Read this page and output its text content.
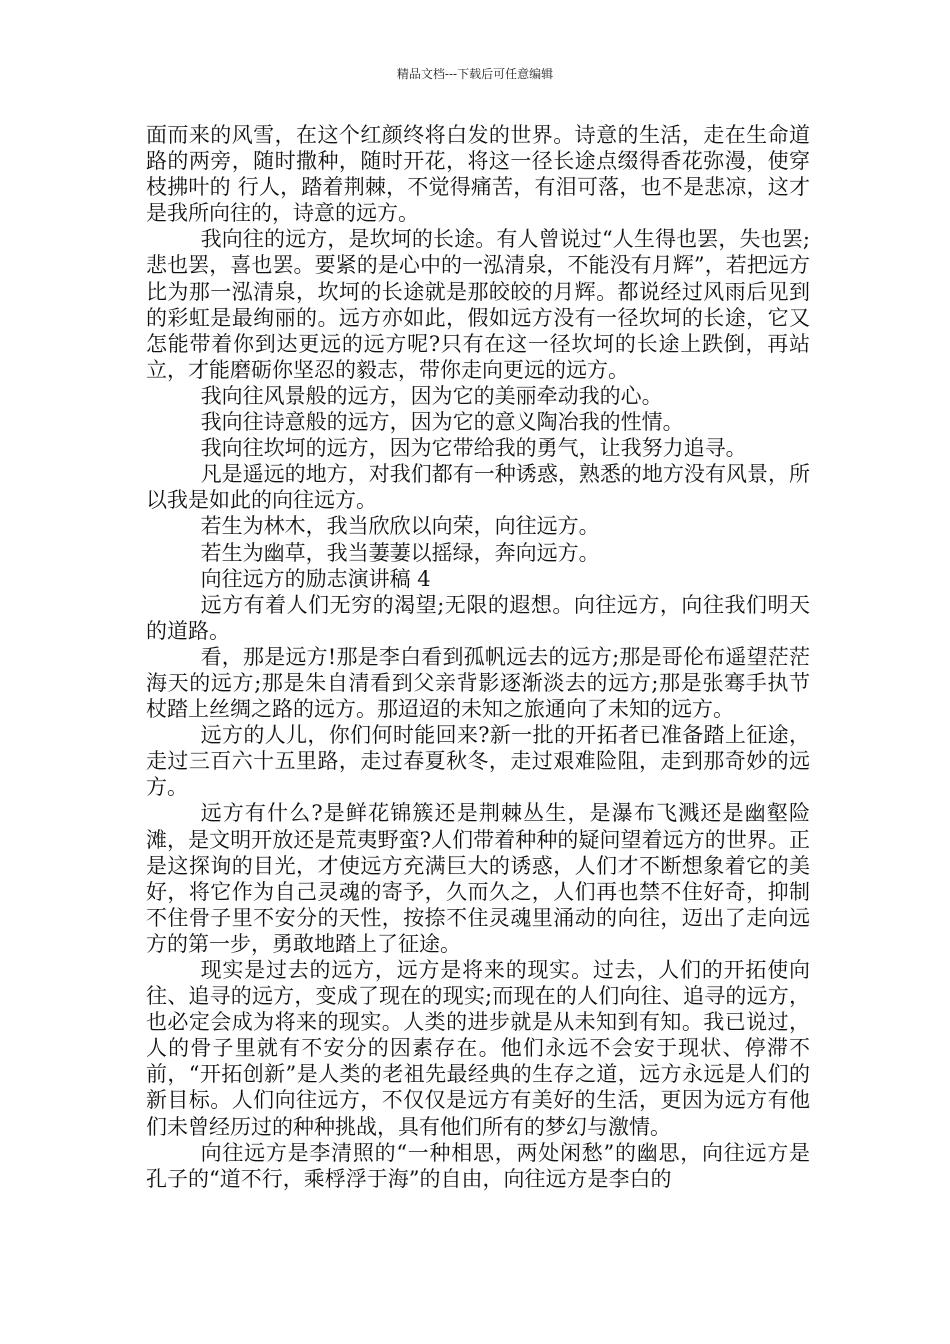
精品文档---下载后可任意编辑

面而来的风雪，在这个红颜终将白发的世界。诗意的生活，走在生命道路的两旁，随时撒种，随时开花，将这一径长途点缀得香花弥漫，使穿枝拂叶的 行人，踏着荆棘，不觉得痛苦，有泪可落，也不是悲凉，这才是我所向往的，诗意的远方。

我向往的远方，是坎坷的长途。有人曾说过“人生得也罢，失也罢;悲也罢，喜也罢。要紧的是心中的一泓清泉，不能没有月辉”，若把远方比为那一泓清泉，坎坷的长途就是那皎皎的月辉。都说经过风雨后见到的彩虹是最绚丽的。远方亦如此，假如远方没有一径坎坷的长途，它又怎能带着你到达更远的远方呢?只有在这一径坎坷的长途上跌倒，再站立，才能磨砺你坚忍的毅志，带你走向更远的远方。

我向往风景般的远方，因为它的美丽牵动我的心。

我向往诗意般的远方，因为它的意义陶冶我的性情。

我向往坎坷的远方，因为它带给我的勇气，让我努力追寻。

凡是遥远的地方，对我们都有一种诱惑，熟悉的地方没有风景，所以我是如此的向往远方。

若生为林木，我当欣欣以向荣，向往远方。

若生为幽草，我当萋萋以摇绿，奔向远方。

向往远方的励志演讲稿 4

远方有着人们无穷的渴望;无限的遐想。向往远方，向往我们明天的道路。

看，那是远方!那是李白看到孤帆远去的远方;那是哥伦布遥望茫茫海天的远方;那是朱自清看到父亲背影逐渐淡去的远方;那是张骞手执节杖踏上丝绸之路的远方。那迢迢的未知之旅通向了未知的远方。

远方的人儿，你们何时能回来?新一批的开拓者已准备踏上征途，走过三百六十五里路，走过春夏秋冬，走过艰难险阻，走到那奇妙的远方。

远方有什么?是鲜花锦簇还是荆棘丛生，是瀑布飞溅还是幽壑险滩，是文明开放还是荒夷野蛮?人们带着种种的疑问望着远方的世界。正是这探询的目光，才使远方充满巨大的诱惑，人们才不断想象着它的美好，将它作为自己灵魂的寄予，久而久之，人们再也禁不住好奇，抑制不住骨子里不安分的天性，按捺不住灵魂里涌动的向往，迈出了走向远方的第一步，勇敢地踏上了征途。

现实是过去的远方，远方是将来的现实。过去，人们的开拓使向往、追寻的远方，变成了现在的现实;而现在的人们向往、追寻的远方，也必定会成为将来的现实。人类的进步就是从未知到有知。我已说过，人的骨子里就有不安分的因素存在。他们永远不会安于现状、停滞不前，“开拓创新”是人类的老祖先最经典的生存之道，远方永远是人们的新目标。人们向往远方，不仅仅是远方有美好的生活，更因为远方有他们未曾经历过的种种挑战，具有他们所有的梦幻与激情。

向往远方是李清照的“一种相思，两处闲愁”的幽思，向往远方是孔子的“道不行，乘桴浮于海”的自由，向往远方是李白的
